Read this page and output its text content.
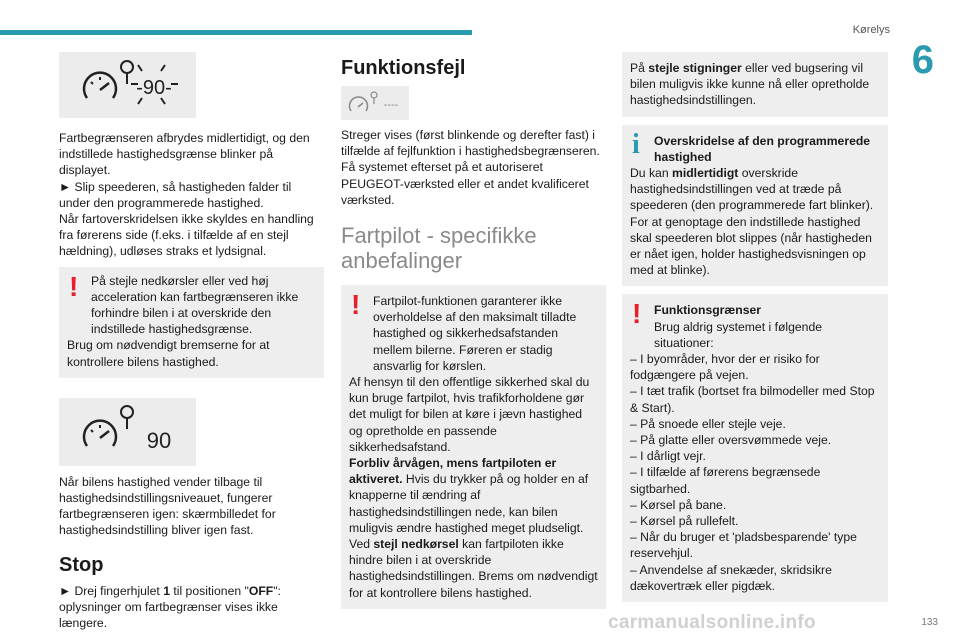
Kørelys
6
-90-

Fartbegrænseren afbrydes midlertidigt, og den indstillede hastighedsgrænse blinker på displayet.

► Slip speederen, så hastigheden falder til under den programmerede hastighed.

Når fartoverskridelsen ikke skyldes en handling fra førerens side (f.eks. i tilfælde af en stejl hældning), udløses straks et lydsignal.

!	På stejle nedkørsler eller ved høj acceleration kan fartbegrænseren ikke forhindre bilen i at overskride den indstillede hastighedsgrænse.

Brug om nødvendigt bremserne for at kontrollere bilens hastighed.

90

Når bilens hastighed vender tilbage til hastighedsindstillingsniveauet, fungerer fartbegrænseren igen: skærmbilledet for hastighedsindstilling bliver igen fast.

Stop

► Drej fingerhjulet 1 til positionen "OFF": oplysninger om fartbegrænser vises ikke længere.

Funktionsfejl
----

Streger vises (først blinkende og derefter fast) i tilfælde af fejlfunktion i hastighedsbegrænseren.

Få systemet efterset på et autoriseret PEUGEOT-værksted eller et andet kvalificeret værksted.

Fartpilot - specifikke anbefalinger
!	Fartpilot-funktionen garanterer ikke overholdelse af den maksimalt tilladte hastighed og sikkerhedsafstanden mellem bilerne. Føreren er stadig ansvarlig for kørslen.

Af hensyn til den offentlige sikkerhed skal du kun bruge fartpilot, hvis trafikforholdene gør det muligt for bilen at køre i jævn hastighed og opretholde en passende sikkerhedsafstand.

Forbliv årvågen, mens fartpiloten er aktiveret. Hvis du trykker på og holder en af knapperne til ændring af hastighedsindstillingen nede, kan bilen muligvis ændre hastighed meget pludseligt.

Ved stejl nedkørsel kan fartpiloten ikke hindre bilen i at overskride hastighedsindstillingen. Brems om nødvendigt for at kontrollere bilens hastighed.

På stejle stigninger eller ved bugsering vil bilen muligvis ikke kunne nå eller opretholde hastighedsindstillingen.

i	Overskridelse af den programmerede hastighed

Du kan midlertidigt overskride hastighedsindstillingen ved at træde på speederen (den programmerede fart blinker).

For at genoptage den indstillede hastighed skal speederen blot slippes (når hastigheden er nået igen, holder hastighedsvisningen op med at blinke).

!	Funktionsgrænser

Brug aldrig systemet i følgende situationer:

– I byområder, hvor der er risiko for fodgængere på vejen.

– I tæt trafik (bortset fra bilmodeller med Stop & Start).

– På snoede eller stejle veje.

– På glatte eller oversvømmede veje.

– I dårligt vejr.

– I tilfælde af førerens begrænsede sigtbarhed.

– Kørsel på bane.

– Kørsel på rullefelt.

– Når du bruger et 'pladsbesparende' type reservehjul.

– Anvendelse af snekæder, skridsikre dækovertræk eller pigdæk.

carmanualsonline.info	133
